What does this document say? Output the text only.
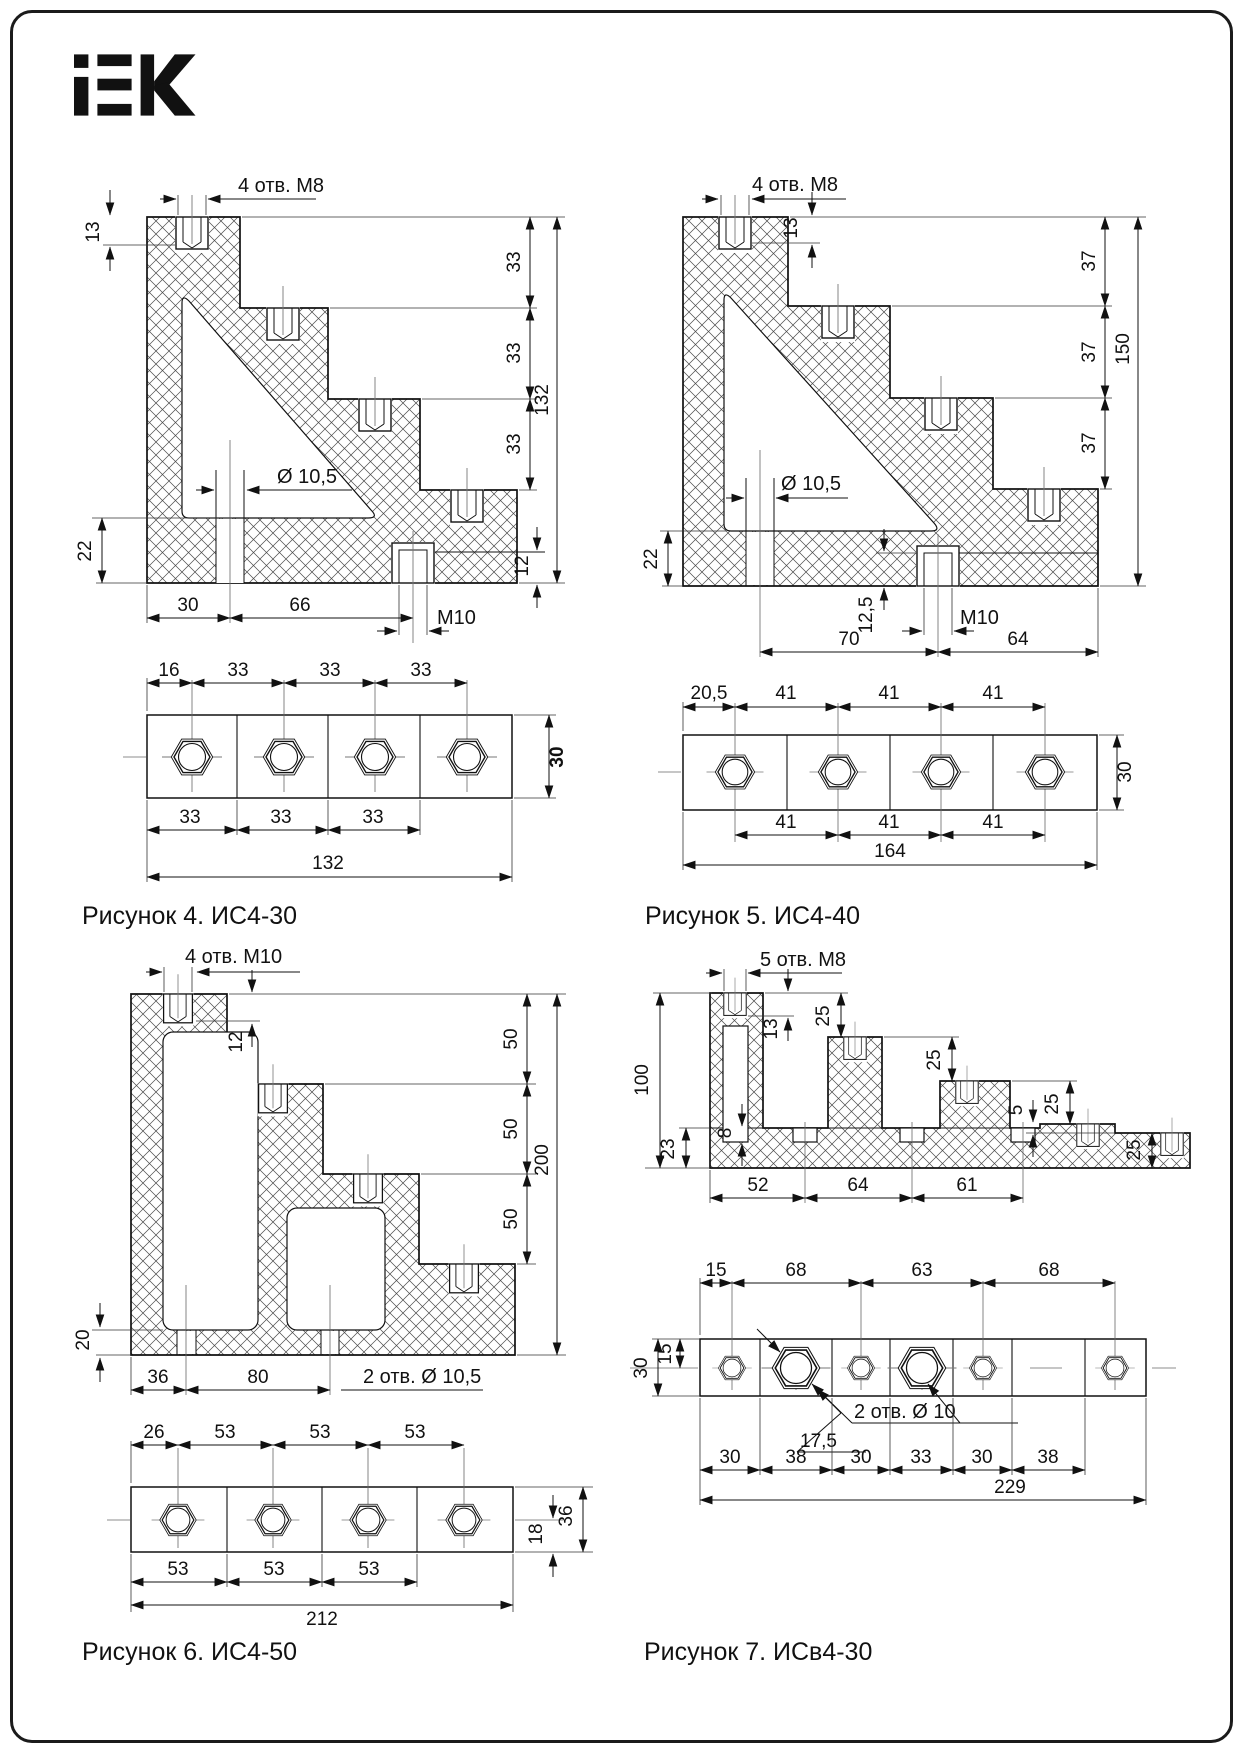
4 отв. М8
13
33
33
33
132
22
Ø 10,5
12
M10
30	66
16	33	33	33
30
33	33	33
132
4 отв. М8
13
37
37
37
150
22
Ø 10,5
12,5	M10
70	64
20,5	41	41	41
30
41	41	41
164
4 отв. М10
12	50
50
50
200
20
36	80	2 отв. Ø 10,5
26	53	53	53
18
36
53	53	53
212
5 отв. М8
13
25
25
25
5
25
100
23
8
52	64	61
15	68	63	68
30
15
17,5
2 отв. Ø 10
30 38 30 33 30 38
229
Рисунок 4. ИС4-30	Рисунок 5. ИС4-40
Рисунок 6. ИС4-50	Рисунок 7. ИСв4-30
